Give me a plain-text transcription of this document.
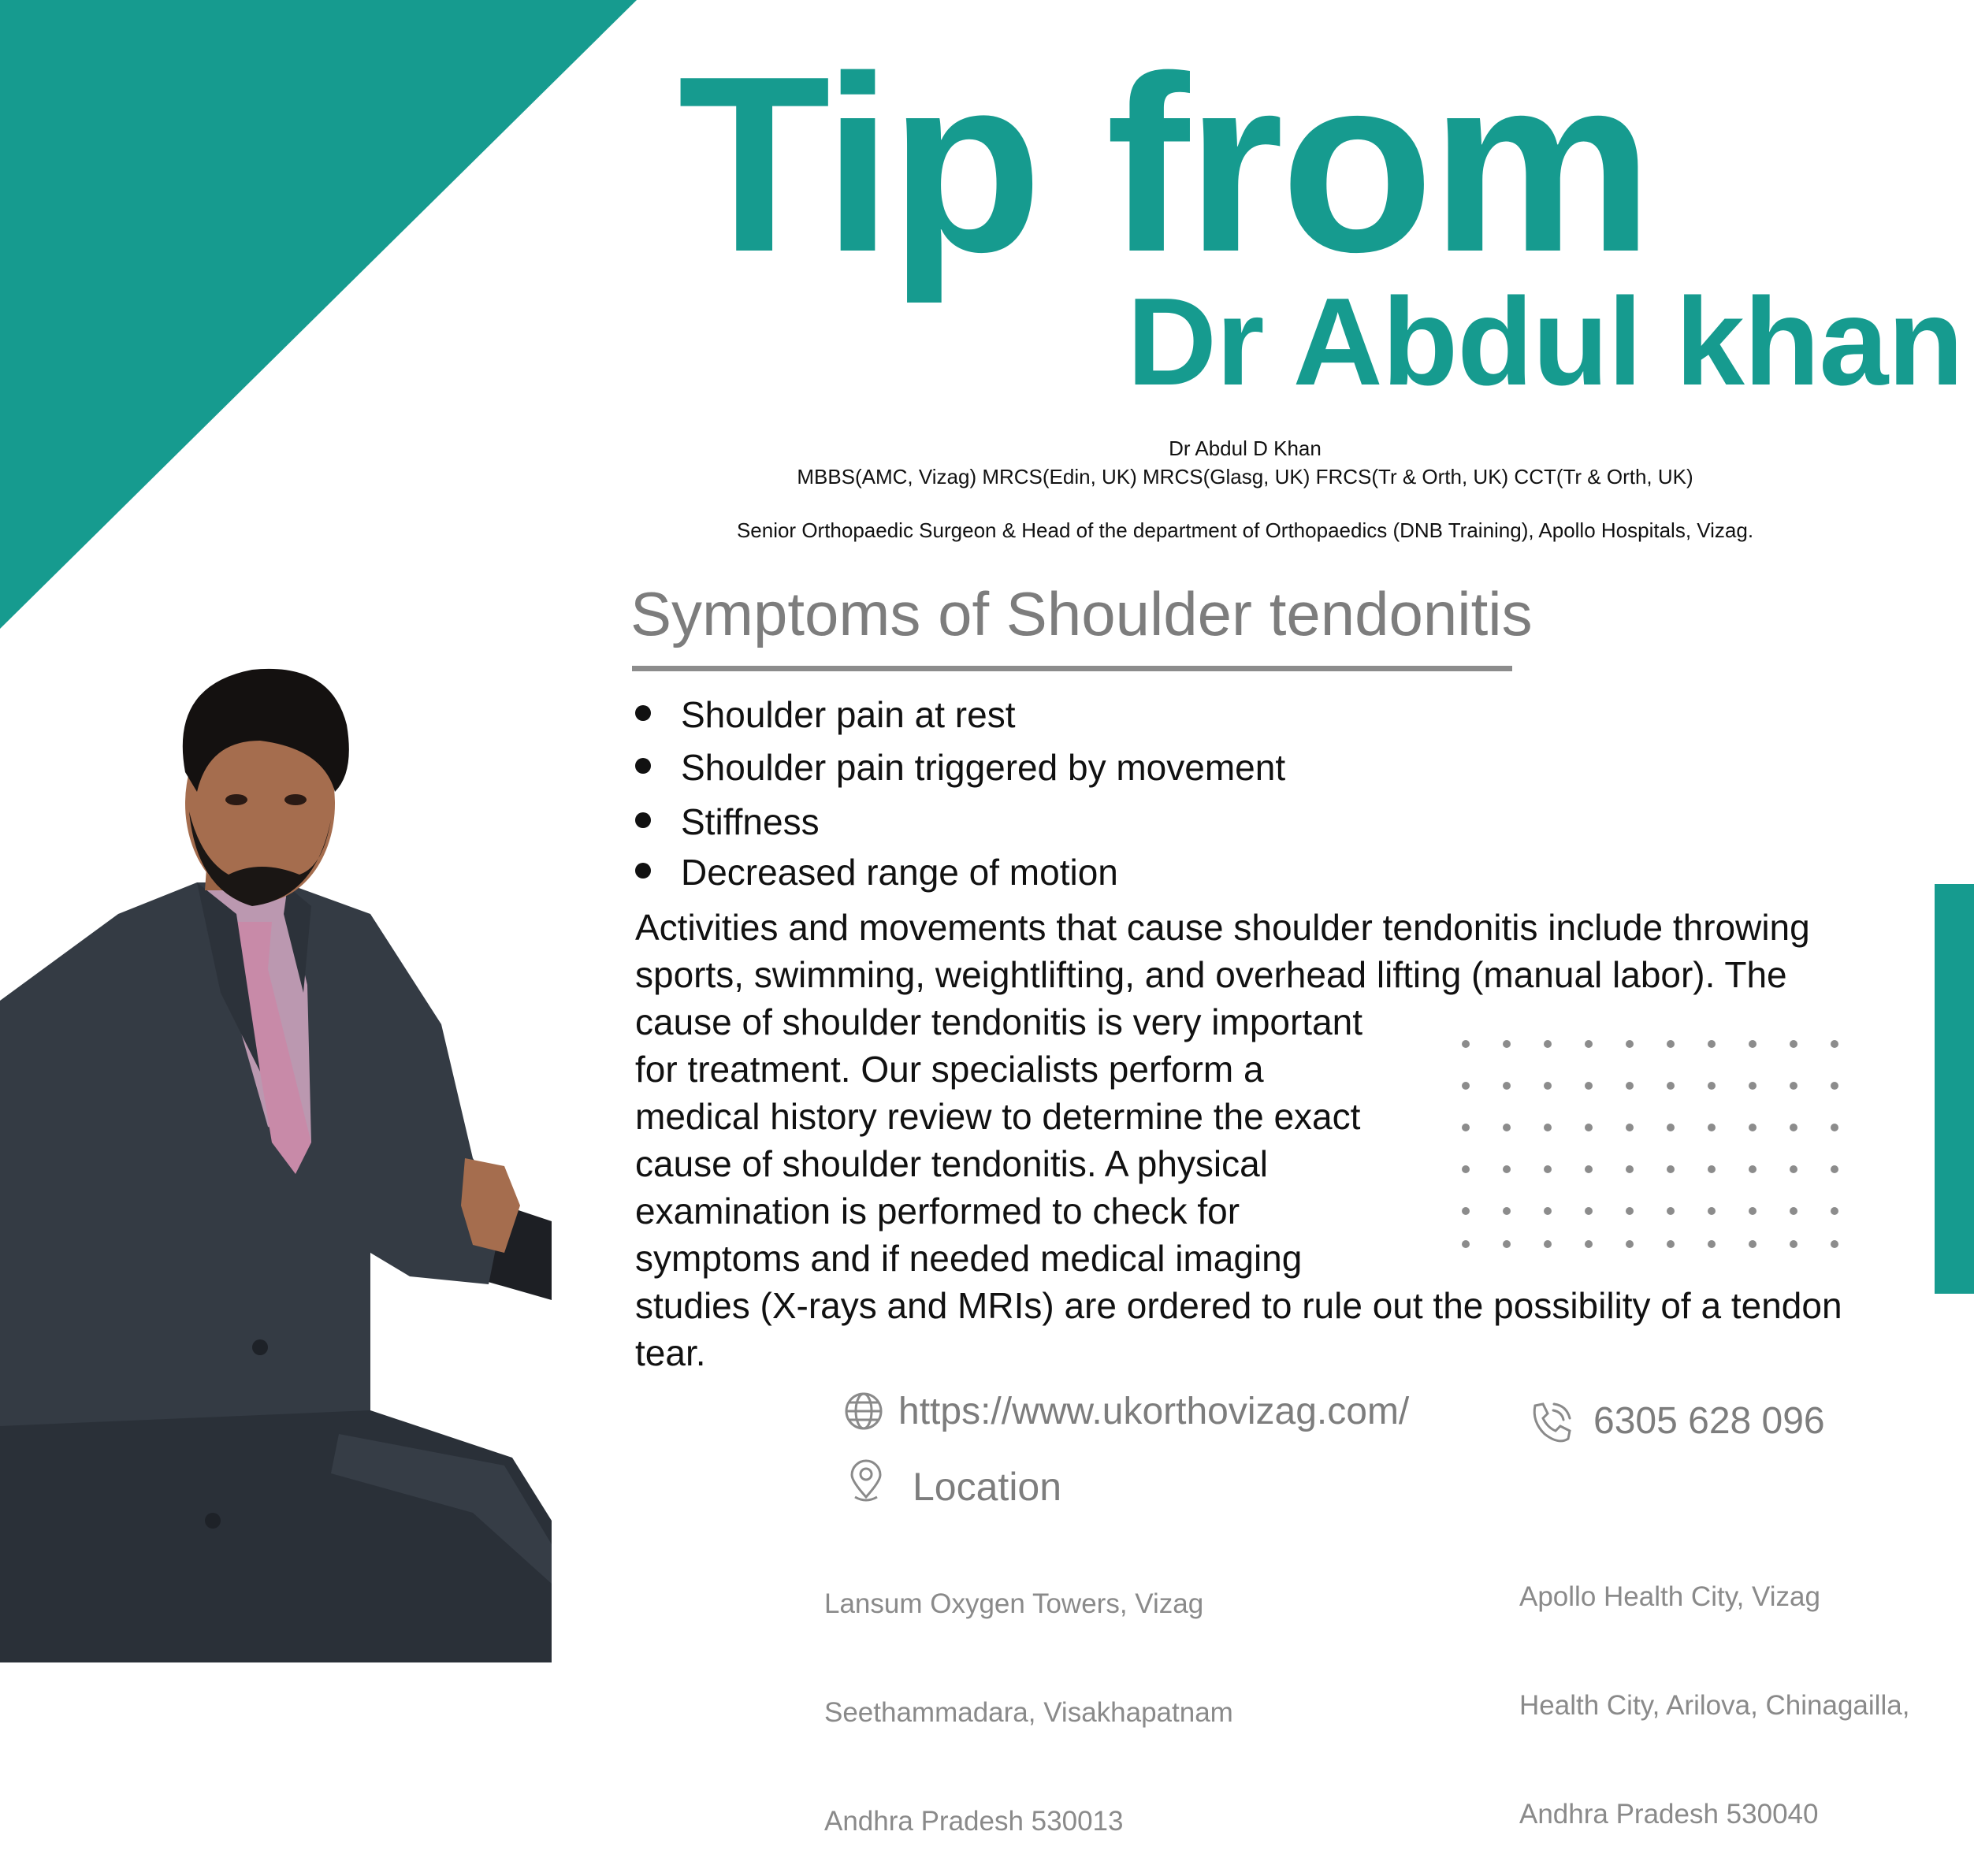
Tip from
Dr Abdul khan
Dr Abdul D Khan
MBBS(AMC, Vizag) MRCS(Edin, UK) MRCS(Glasg, UK) FRCS(Tr & Orth, UK) CCT(Tr & Orth, UK)
Senior Orthopaedic Surgeon & Head of the department of Orthopaedics (DNB Training), Apollo Hospitals, Vizag.
Symptoms of Shoulder tendonitis
Shoulder pain at rest
Shoulder pain triggered by movement
Stiffness
Decreased range of motion
Activities and movements that cause shoulder tendonitis include throwing
sports, swimming, weightlifting, and overhead lifting (manual labor). The
cause of shoulder tendonitis is very important
for treatment. Our specialists perform a
medical history review to determine the exact
cause of shoulder tendonitis. A physical
examination is performed to check for
symptoms and if needed medical imaging
studies (X-rays and MRIs) are ordered to rule out the possibility of a tendon
tear.
https://www.ukorthovizag.com/	6305 628 096
Location

Lansum Oxygen Towers, Vizag

Seethammadara, Visakhapatnam

Andhra Pradesh 530013

Apollo Health City, Vizag

Health City, Arilova, Chinagailla,

Andhra Pradesh 530040
